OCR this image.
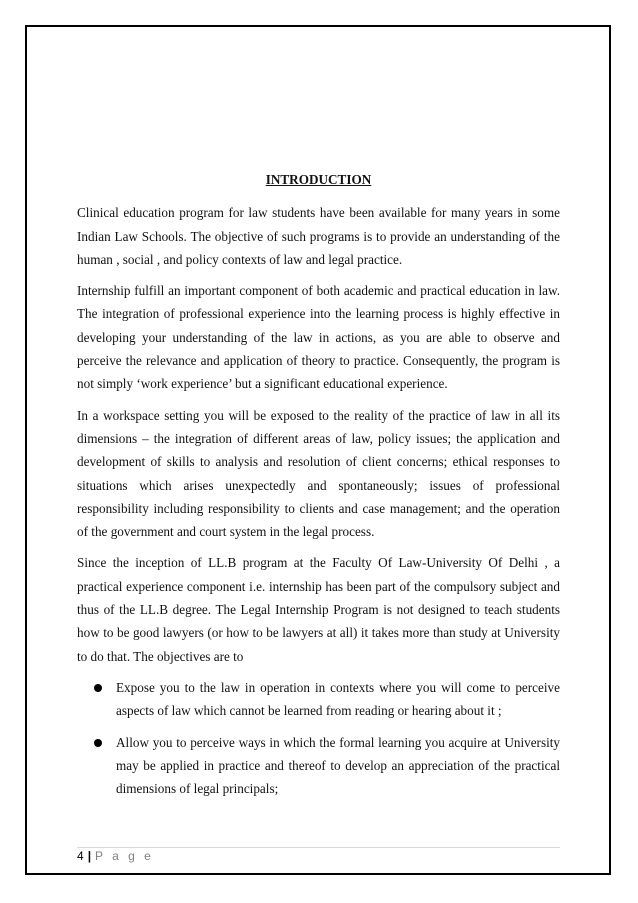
INTRODUCTION

Clinical education program for law students have been available for many years in some Indian Law Schools. The objective of such programs is to provide an understanding of the human , social , and policy contexts of law and legal practice.

Internship fulfill an important component of both academic and practical education in law. The integration of professional experience into the learning process is highly effective in developing your understanding of the law in actions, as you are able to observe and perceive the relevance and application of theory to practice. Consequently, the program is not simply ‘work experience’ but a significant educational experience.

In a workspace setting you will be exposed to the reality of the practice of law in all its dimensions – the integration of different areas of law, policy issues; the application and development of skills to analysis and resolution of client concerns; ethical responses to situations which arises unexpectedly and spontaneously; issues of professional responsibility including responsibility to clients and case management; and the operation of the government and court system in the legal process.

Since the inception of LL.B program at the Faculty Of Law-University Of Delhi , a practical experience component i.e. internship has been part of the compulsory subject and thus of the LL.B degree. The Legal Internship Program is not designed to teach students how to be good lawyers (or how to be lawyers at all) it takes more than study at University to do that. The objectives are to

Expose you to the law in operation in contexts where you will come to perceive aspects of law which cannot be learned from reading or hearing about it ;
Allow you to perceive ways in which the formal learning you acquire at University may be applied in practice and thereof to develop an appreciation of the practical dimensions of legal principals;
4 | P a g e
